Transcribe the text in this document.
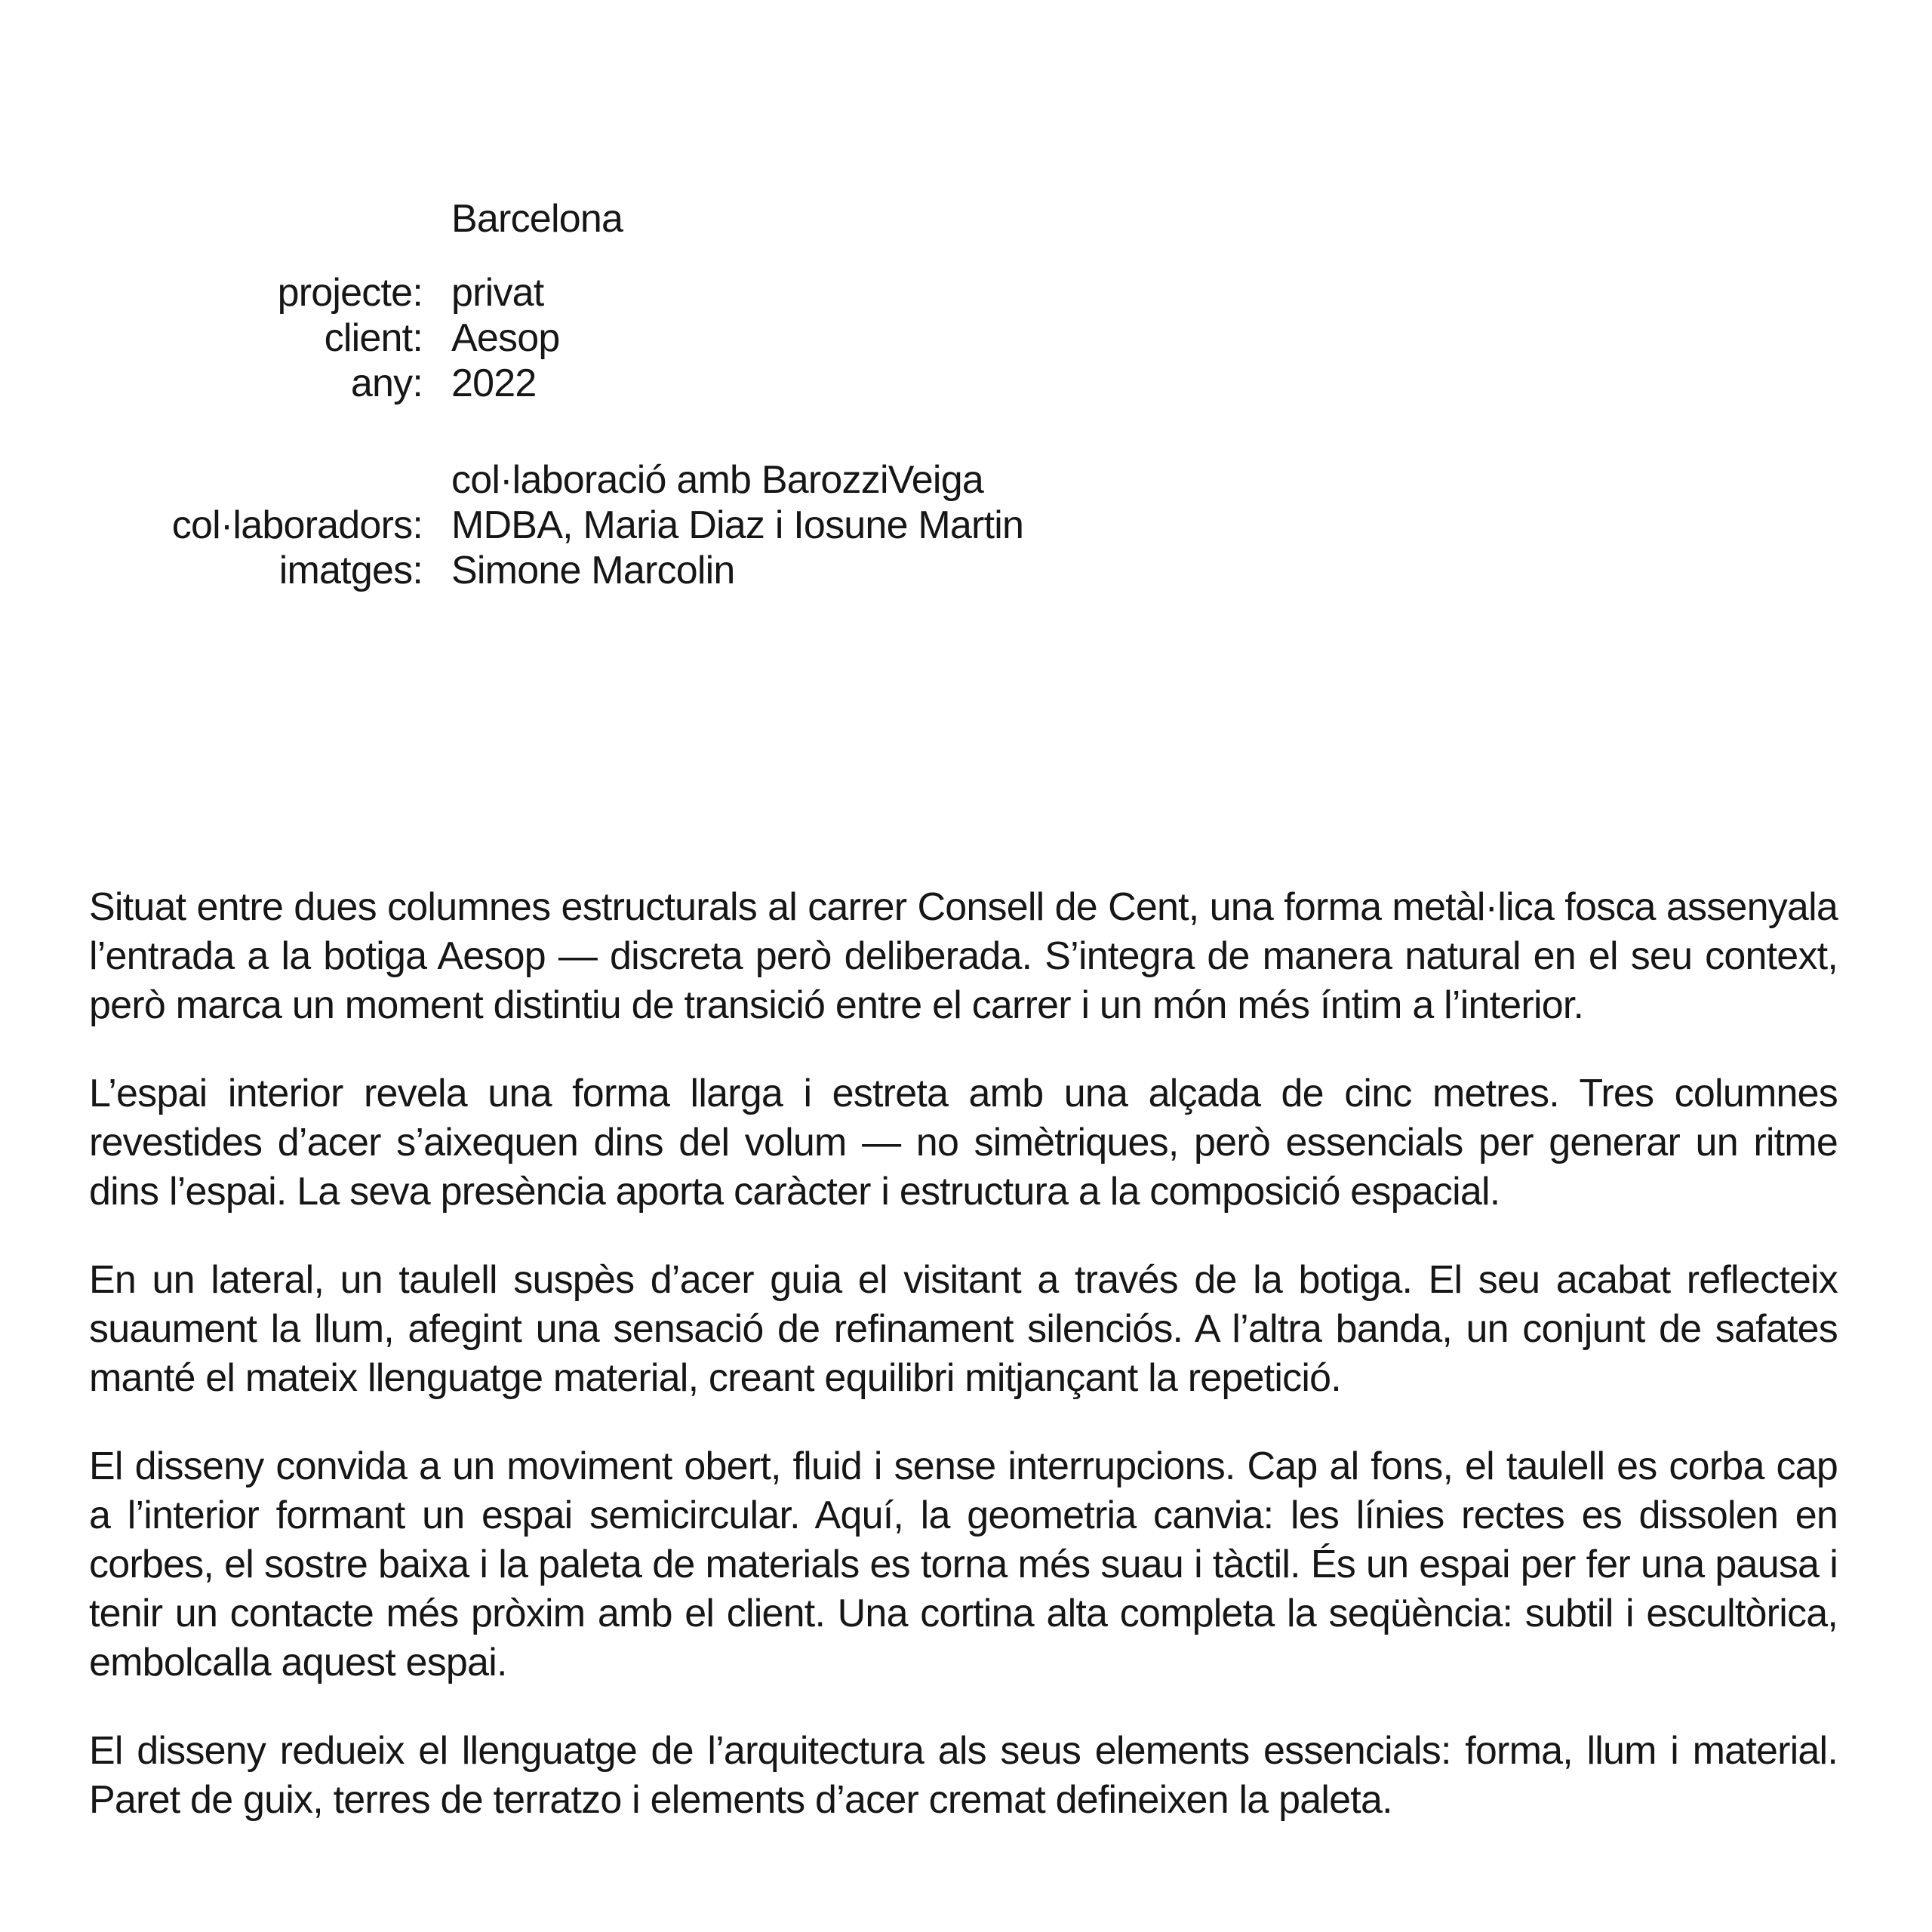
Barcelona
projecte: privat
client: Aesop
any: 2022
col·laboració amb BarozziVeiga
col·laboradors: MDBA, Maria Diaz i Iosune Martin
imatges: Simone Marcolin

Situat entre dues columnes estructurals al carrer Consell de Cent, una forma metàl·lica fosca assenyala l’entrada a la botiga Aesop — discreta però deliberada. S’integra de manera natural en el seu context, però marca un moment distintiu de transició entre el carrer i un món més íntim a l’interior.

L’espai interior revela una forma llarga i estreta amb una alçada de cinc metres. Tres columnes revestides d’acer s’aixequen dins del volum — no simètriques, però essencials per generar un ritme dins l’espai. La seva presència aporta caràcter i estructura a la composició espacial.

En un lateral, un taulell suspès d’acer guia el visitant a través de la botiga. El seu acabat reflecteix suaument la llum, afegint una sensació de refinament silenciós. A l’altra banda, un conjunt de safates manté el mateix llenguatge material, creant equilibri mitjançant la repetició.

El disseny convida a un moviment obert, fluid i sense interrupcions. Cap al fons, el taulell es corba cap a l’interior formant un espai semicircular. Aquí, la geometria canvia: les línies rectes es dissolen en corbes, el sostre baixa i la paleta de materials es torna més suau i tàctil. És un espai per fer una pausa i tenir un contacte més pròxim amb el client. Una cortina alta completa la seqüència: subtil i escultòrica, embolcalla aquest espai.

El disseny redueix el llenguatge de l’arquitectura als seus elements essencials: forma, llum i material. Paret de guix, terres de terratzo i elements d’acer cremat defineixen la paleta.
